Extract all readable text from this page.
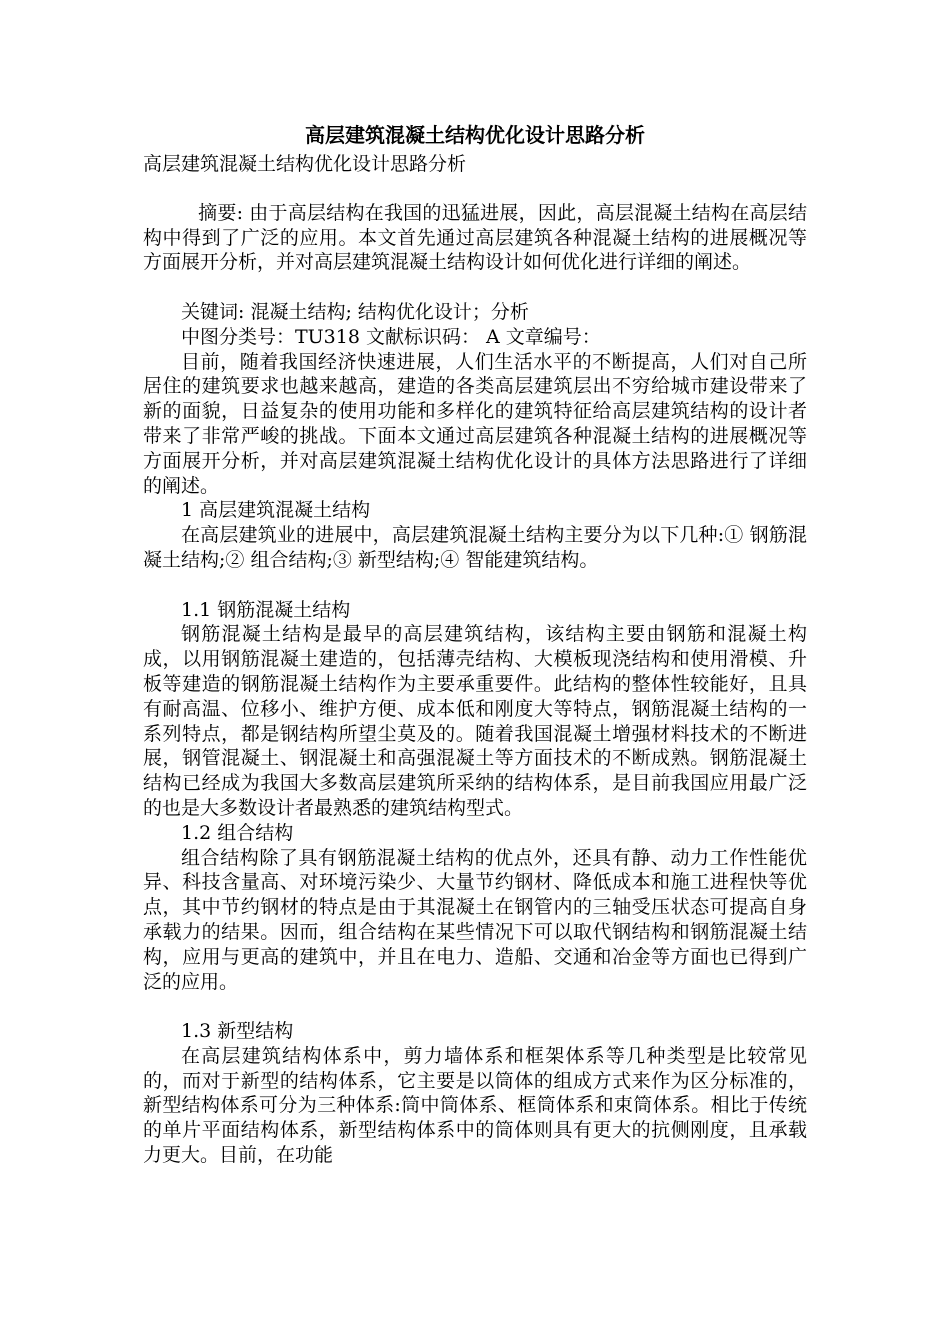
高层建筑混凝土结构优化设计思路分析
高层建筑混凝土结构优化设计思路分析
摘要: 由于高层结构在我国的迅猛进展，因此，高层混凝土结构在高层结构中得到了广泛的应用。本文首先通过高层建筑各种混凝土结构的进展概况等方面展开分析，并对高层建筑混凝土结构设计如何优化进行详细的阐述。
关键词: 混凝土结构; 结构优化设计；分析
中图分类号：TU318 文献标识码： A 文章编号：
目前，随着我国经济快速进展，人们生活水平的不断提高，人们对自己所居住的建筑要求也越来越高，建造的各类高层建筑层出不穷给城市建设带来了新的面貌，日益复杂的使用功能和多样化的建筑特征给高层建筑结构的设计者带来了非常严峻的挑战。下面本文通过高层建筑各种混凝土结构的进展概况等方面展开分析，并对高层建筑混凝土结构优化设计的具体方法思路进行了详细的阐述。
1 高层建筑混凝土结构
在高层建筑业的进展中，高层建筑混凝土结构主要分为以下几种:① 钢筋混凝土结构;② 组合结构;③ 新型结构;④ 智能建筑结构。
1.1 钢筋混凝土结构
钢筋混凝土结构是最早的高层建筑结构，该结构主要由钢筋和混凝土构成，以用钢筋混凝土建造的，包括薄壳结构、大模板现浇结构和使用滑模、升板等建造的钢筋混凝土结构作为主要承重要件。此结构的整体性较能好，且具有耐高温、位移小、维护方便、成本低和刚度大等特点，钢筋混凝土结构的一系列特点，都是钢结构所望尘莫及的。随着我国混凝土增强材料技术的不断进展，钢管混凝土、钢混凝土和高强混凝土等方面技术的不断成熟。钢筋混凝土结构已经成为我国大多数高层建筑所采纳的结构体系，是目前我国应用最广泛的也是大多数设计者最熟悉的建筑结构型式。
1.2 组合结构
组合结构除了具有钢筋混凝土结构的优点外，还具有静、动力工作性能优异、科技含量高、对环境污染少、大量节约钢材、降低成本和施工进程快等优点，其中节约钢材的特点是由于其混凝土在钢管内的三轴受压状态可提高自身承载力的结果。因而，组合结构在某些情况下可以取代钢结构和钢筋混凝土结构，应用与更高的建筑中，并且在电力、造船、交通和冶金等方面也已得到广泛的应用。
1.3 新型结构
在高层建筑结构体系中，剪力墙体系和框架体系等几种类型是比较常见的，而对于新型的结构体系，它主要是以筒体的组成方式来作为区分标准的，新型结构体系可分为三种体系:筒中筒体系、框筒体系和束筒体系。相比于传统的单片平面结构体系，新型结构体系中的筒体则具有更大的抗侧刚度，且承载力更大。目前，在功能
